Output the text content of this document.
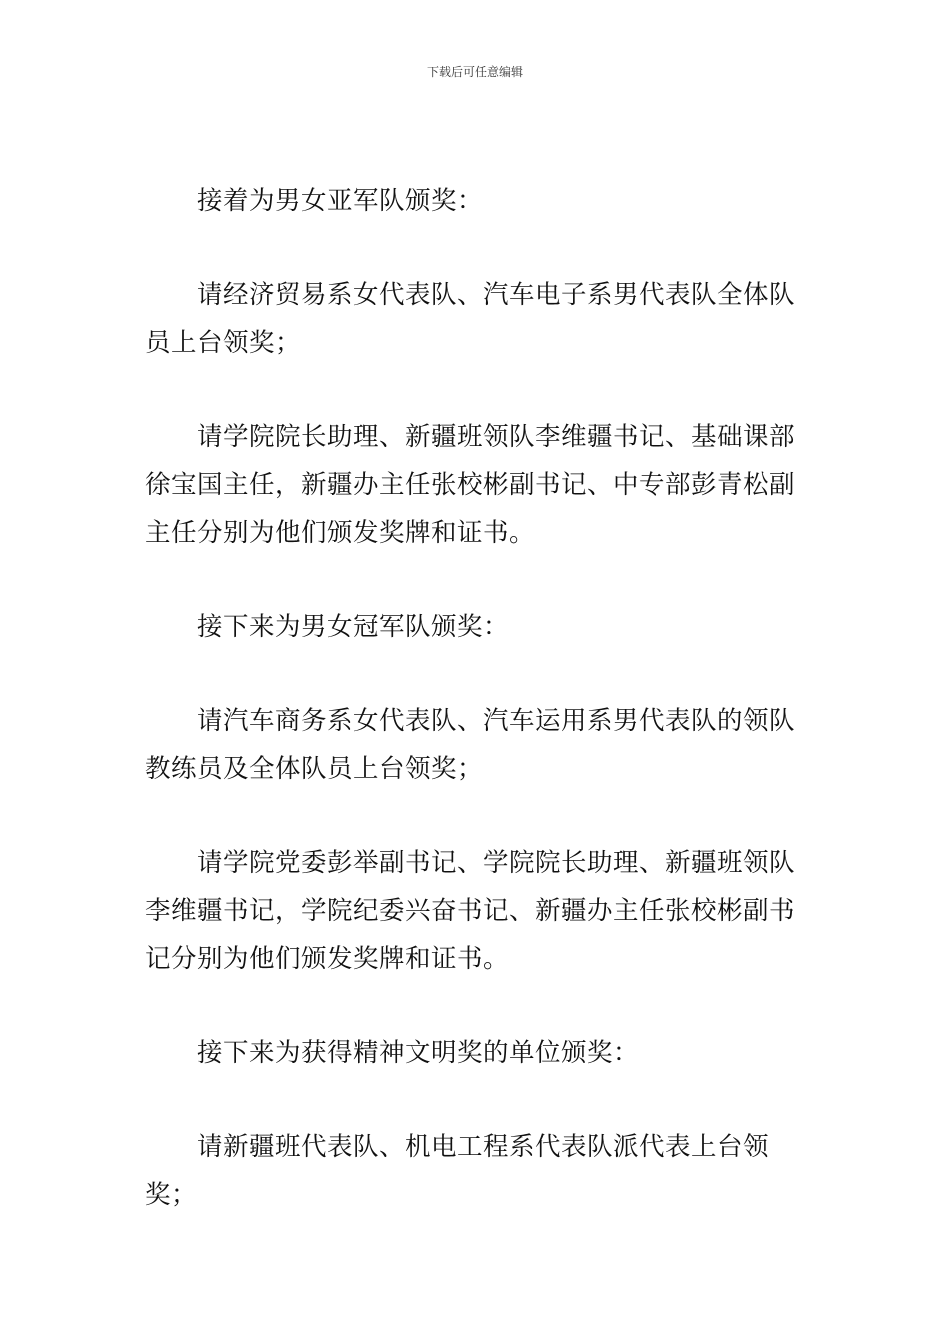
下载后可任意编辑

接着为男女亚军队颁奖：

请经济贸易系女代表队、汽车电子系男代表队全体队员上台领奖；

请学院院长助理、新疆班领队李维疆书记、基础课部徐宝国主任，新疆办主任张校彬副书记、中专部彭青松副主任分别为他们颁发奖牌和证书。

接下来为男女冠军队颁奖：

请汽车商务系女代表队、汽车运用系男代表队的领队教练员及全体队员上台领奖；

请学院党委彭举副书记、学院院长助理、新疆班领队李维疆书记，学院纪委兴奋书记、新疆办主任张校彬副书记分别为他们颁发奖牌和证书。

接下来为获得精神文明奖的单位颁奖：

请新疆班代表队、机电工程系代表队派代表上台领奖；
